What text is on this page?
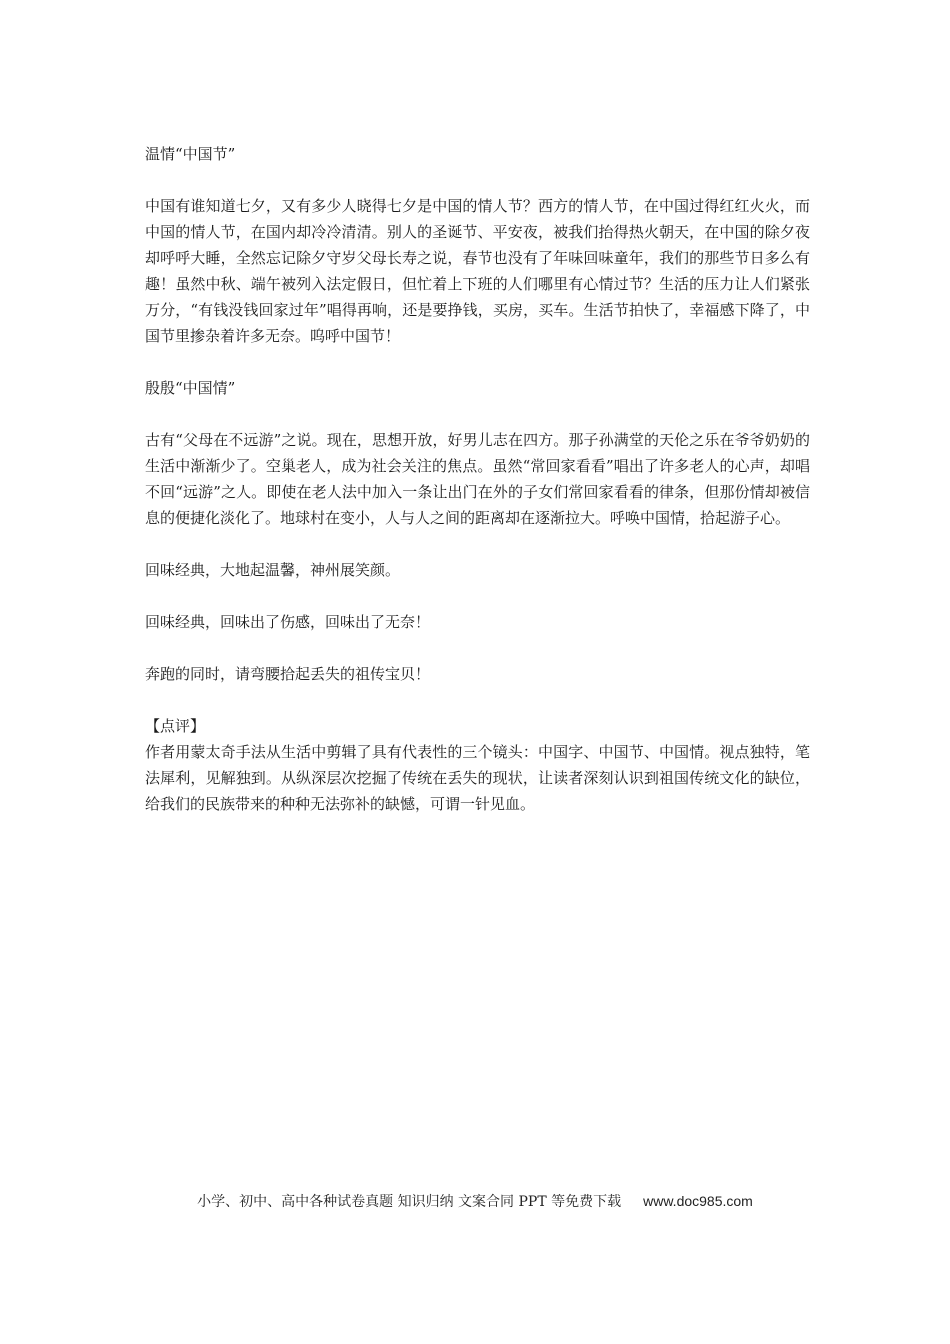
温情“中国节”

中国有谁知道七夕，又有多少人晓得七夕是中国的情人节？西方的情人节，在中国过得红红火火，而中国的情人节，在国内却冷冷清清。别人的圣诞节、平安夜，被我们抬得热火朝天，在中国的除夕夜却呼呼大睡，全然忘记除夕守岁父母长寿之说，春节也没有了年味回味童年，我们的那些节日多么有趣！虽然中秋、端午被列入法定假日，但忙着上下班的人们哪里有心情过节？生活的压力让人们紧张万分，“有钱没钱回家过年”唱得再响，还是要挣钱，买房，买车。生活节拍快了，幸福感下降了，中国节里掺杂着许多无奈。呜呼中国节！

殷殷“中国情”

古有“父母在不远游”之说。现在，思想开放，好男儿志在四方。那子孙满堂的天伦之乐在爷爷奶奶的生活中渐渐少了。空巢老人，成为社会关注的焦点。虽然“常回家看看”唱出了许多老人的心声，却唱不回“远游”之人。即使在老人法中加入一条让出门在外的子女们常回家看看的律条，但那份情却被信息的便捷化淡化了。地球村在变小，人与人之间的距离却在逐渐拉大。呼唤中国情，拾起游子心。

回味经典，大地起温馨，神州展笑颜。

回味经典，回味出了伤感，回味出了无奈！

奔跑的同时，请弯腰拾起丢失的祖传宝贝！

【点评】

作者用蒙太奇手法从生活中剪辑了具有代表性的三个镜头：中国字、中国节、中国情。视点独特，笔法犀利，见解独到。从纵深层次挖掘了传统在丢失的现状，让读者深刻认识到祖国传统文化的缺位，给我们的民族带来的种种无法弥补的缺憾，可谓一针见血。

小学、初中、高中各种试卷真题 知识归纳 文案合同 PPT 等免费下载 www.doc985.com
